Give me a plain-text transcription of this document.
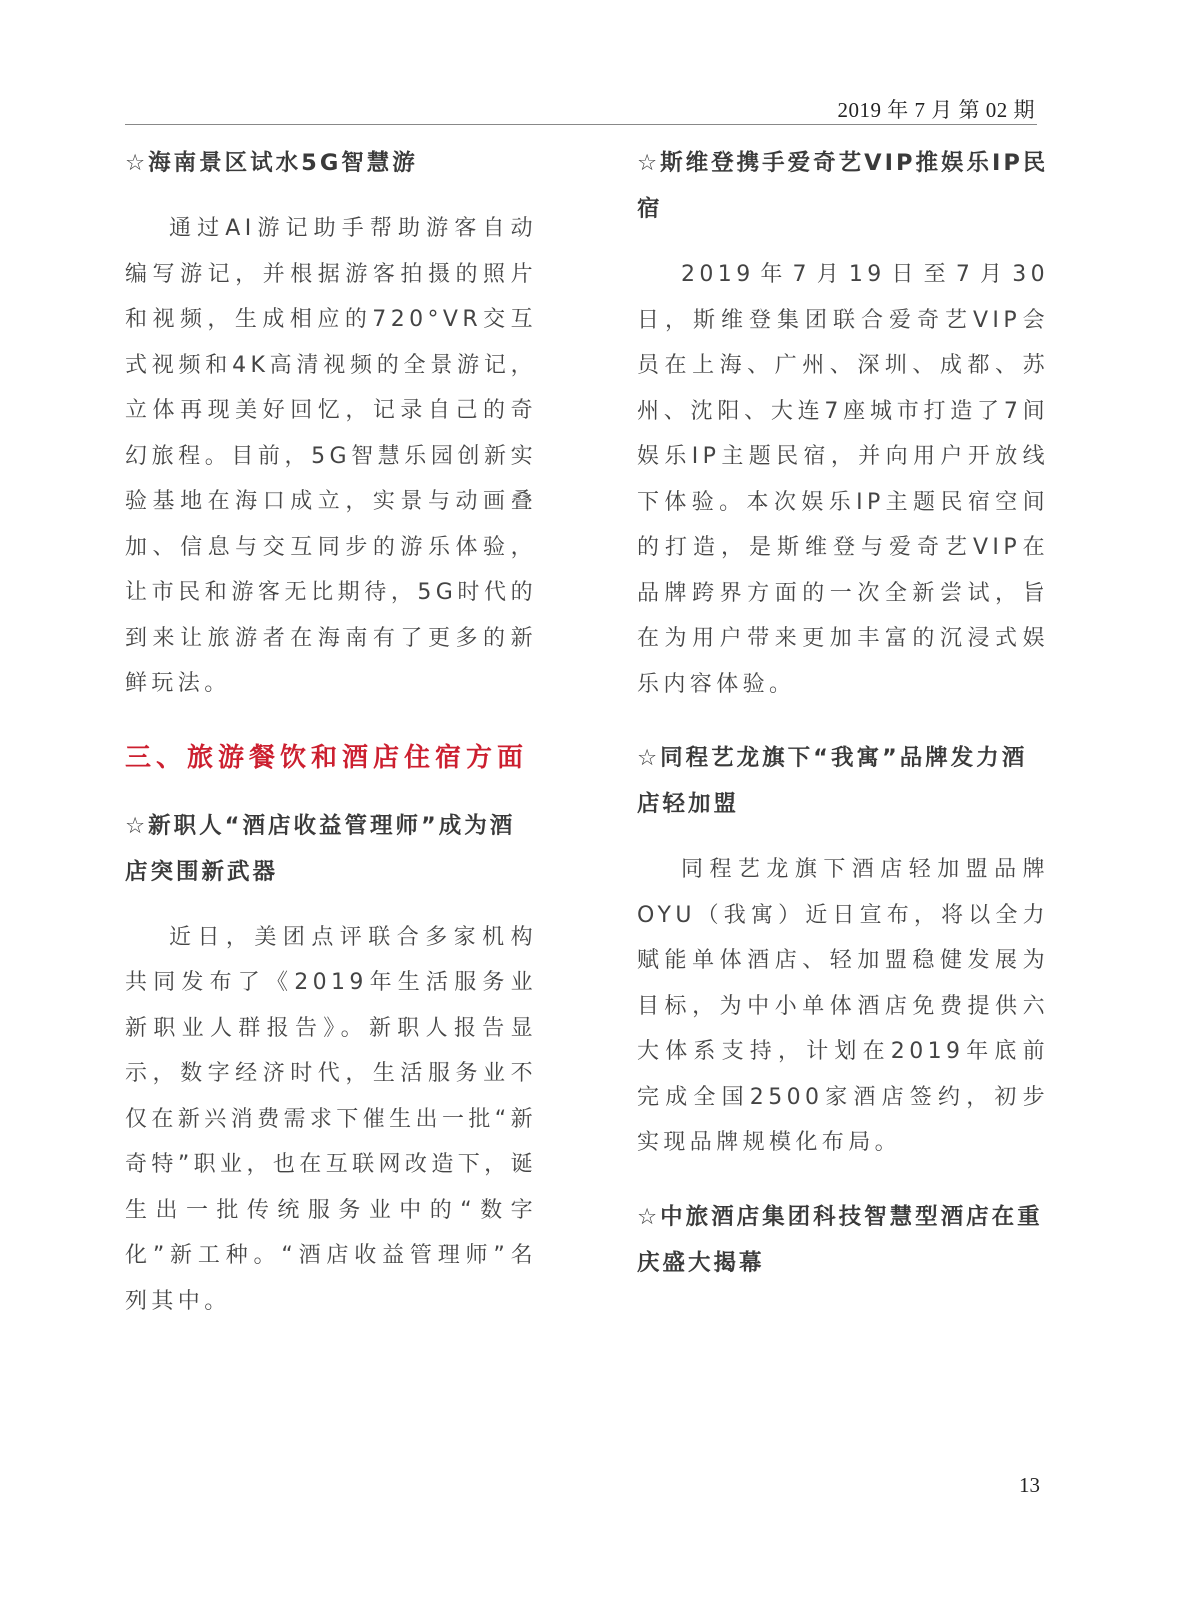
2019 年 7 月 第 02 期
☆海南景区试水5G智慧游
通过AI游记助手帮助游客自动编写游记，并根据游客拍摄的照片和视频，生成相应的720°VR交互式视频和4K高清视频的全景游记，立体再现美好回忆，记录自己的奇幻旅程。目前，5G智慧乐园创新实验基地在海口成立，实景与动画叠加、信息与交互同步的游乐体验，让市民和游客无比期待，5G时代的到来让旅游者在海南有了更多的新鲜玩法。
三、旅游餐饮和酒店住宿方面
☆新职人“酒店收益管理师”成为酒店突围新武器
近日，美团点评联合多家机构共同发布了《2019年生活服务业新职业人群报告》。新职人报告显示，数字经济时代，生活服务业不仅在新兴消费需求下催生出一批“新奇特”职业，也在互联网改造下，诞生出一批传统服务业中的“数字化”新工种。“酒店收益管理师”名列其中。
☆斯维登携手爱奇艺VIP推娱乐IP民宿
2019年7月19日至7月30日，斯维登集团联合爱奇艺VIP会员在上海、广州、深圳、成都、苏州、沈阳、大连7座城市打造了7间娱乐IP主题民宿，并向用户开放线下体验。本次娱乐IP主题民宿空间的打造，是斯维登与爱奇艺VIP在品牌跨界方面的一次全新尝试，旨在为用户带来更加丰富的沉浸式娱乐内容体验。
☆同程艺龙旗下“我寓”品牌发力酒店轻加盟
同程艺龙旗下酒店轻加盟品牌OYU（我寓）近日宣布，将以全力赋能单体酒店、轻加盟稳健发展为目标，为中小单体酒店免费提供六大体系支持，计划在2019年底前完成全国2500家酒店签约，初步实现品牌规模化布局。
☆中旅酒店集团科技智慧型酒店在重庆盛大揭幕
13
